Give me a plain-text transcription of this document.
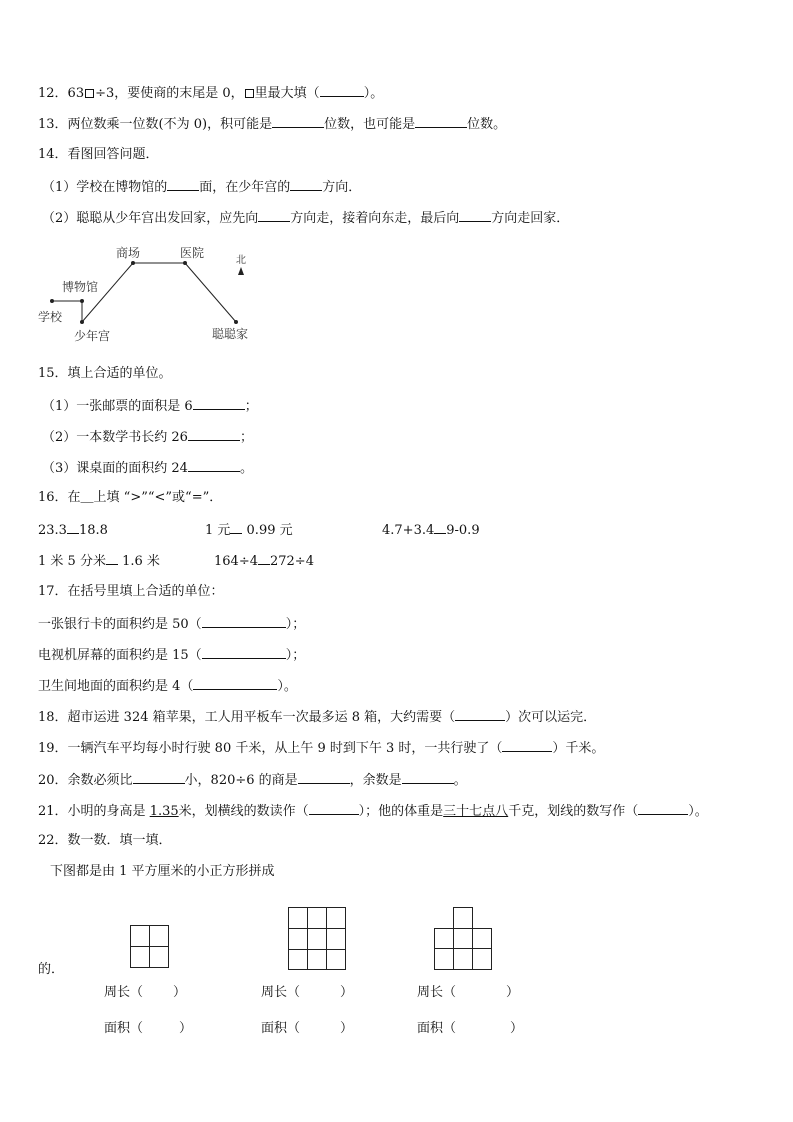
12．63 ÷3，要使商的末尾是 0， 里最大填（	）。
13．两位数乘一位数(不为 0)，积可能是	位数，也可能是	位数。
14．看图回答问题．
（1）学校在博物馆的 面，在少年宫的 方向．
（2）聪聪从少年宫出发回家，应先向 方向走，接着向东走，最后向 方向走回家．
学校
博物馆
少年宫
商场	医院
聪聪家
北
15．填上合适的单位。
（1）一张邮票的面积是 6	；
（2）一本数学书长约 26	；
（3）课桌面的面积约 24	。
16．在＿上填 “>”“<”或“=”．
23.3 18.8	1 元 0.99 元	4.7+3.4 9-0.9
1 米 5 分米 1.6 米	164÷4 272÷4
17．在括号里填上合适的单位：
一张银行卡的面积约是 50（	）；
电视机屏幕的面积约是 15（	）；
卫生间地面的面积约是 4（	）。
18．超市运进 324 箱苹果，工人用平板车一次最多运 8 箱，大约需要（	）次可以运完．
19．一辆汽车平均每小时行驶 80 千米，从上午 9 时到下午 3 时，一共行驶了（	）千米。
20．余数必须比	小，820÷6 的商是	，余数是	。
21．小明的身高是 1.35米，划横线的数读作（	）；他的体重是三十七点八千克，划线的数写作（	）。
22．数一数．填一填．
下图都是由 1 平方厘米的小正方形拼成
的．
周长（ ）
面积（	）
周长（	）
面积（	）
周长（	）
面积（	）
